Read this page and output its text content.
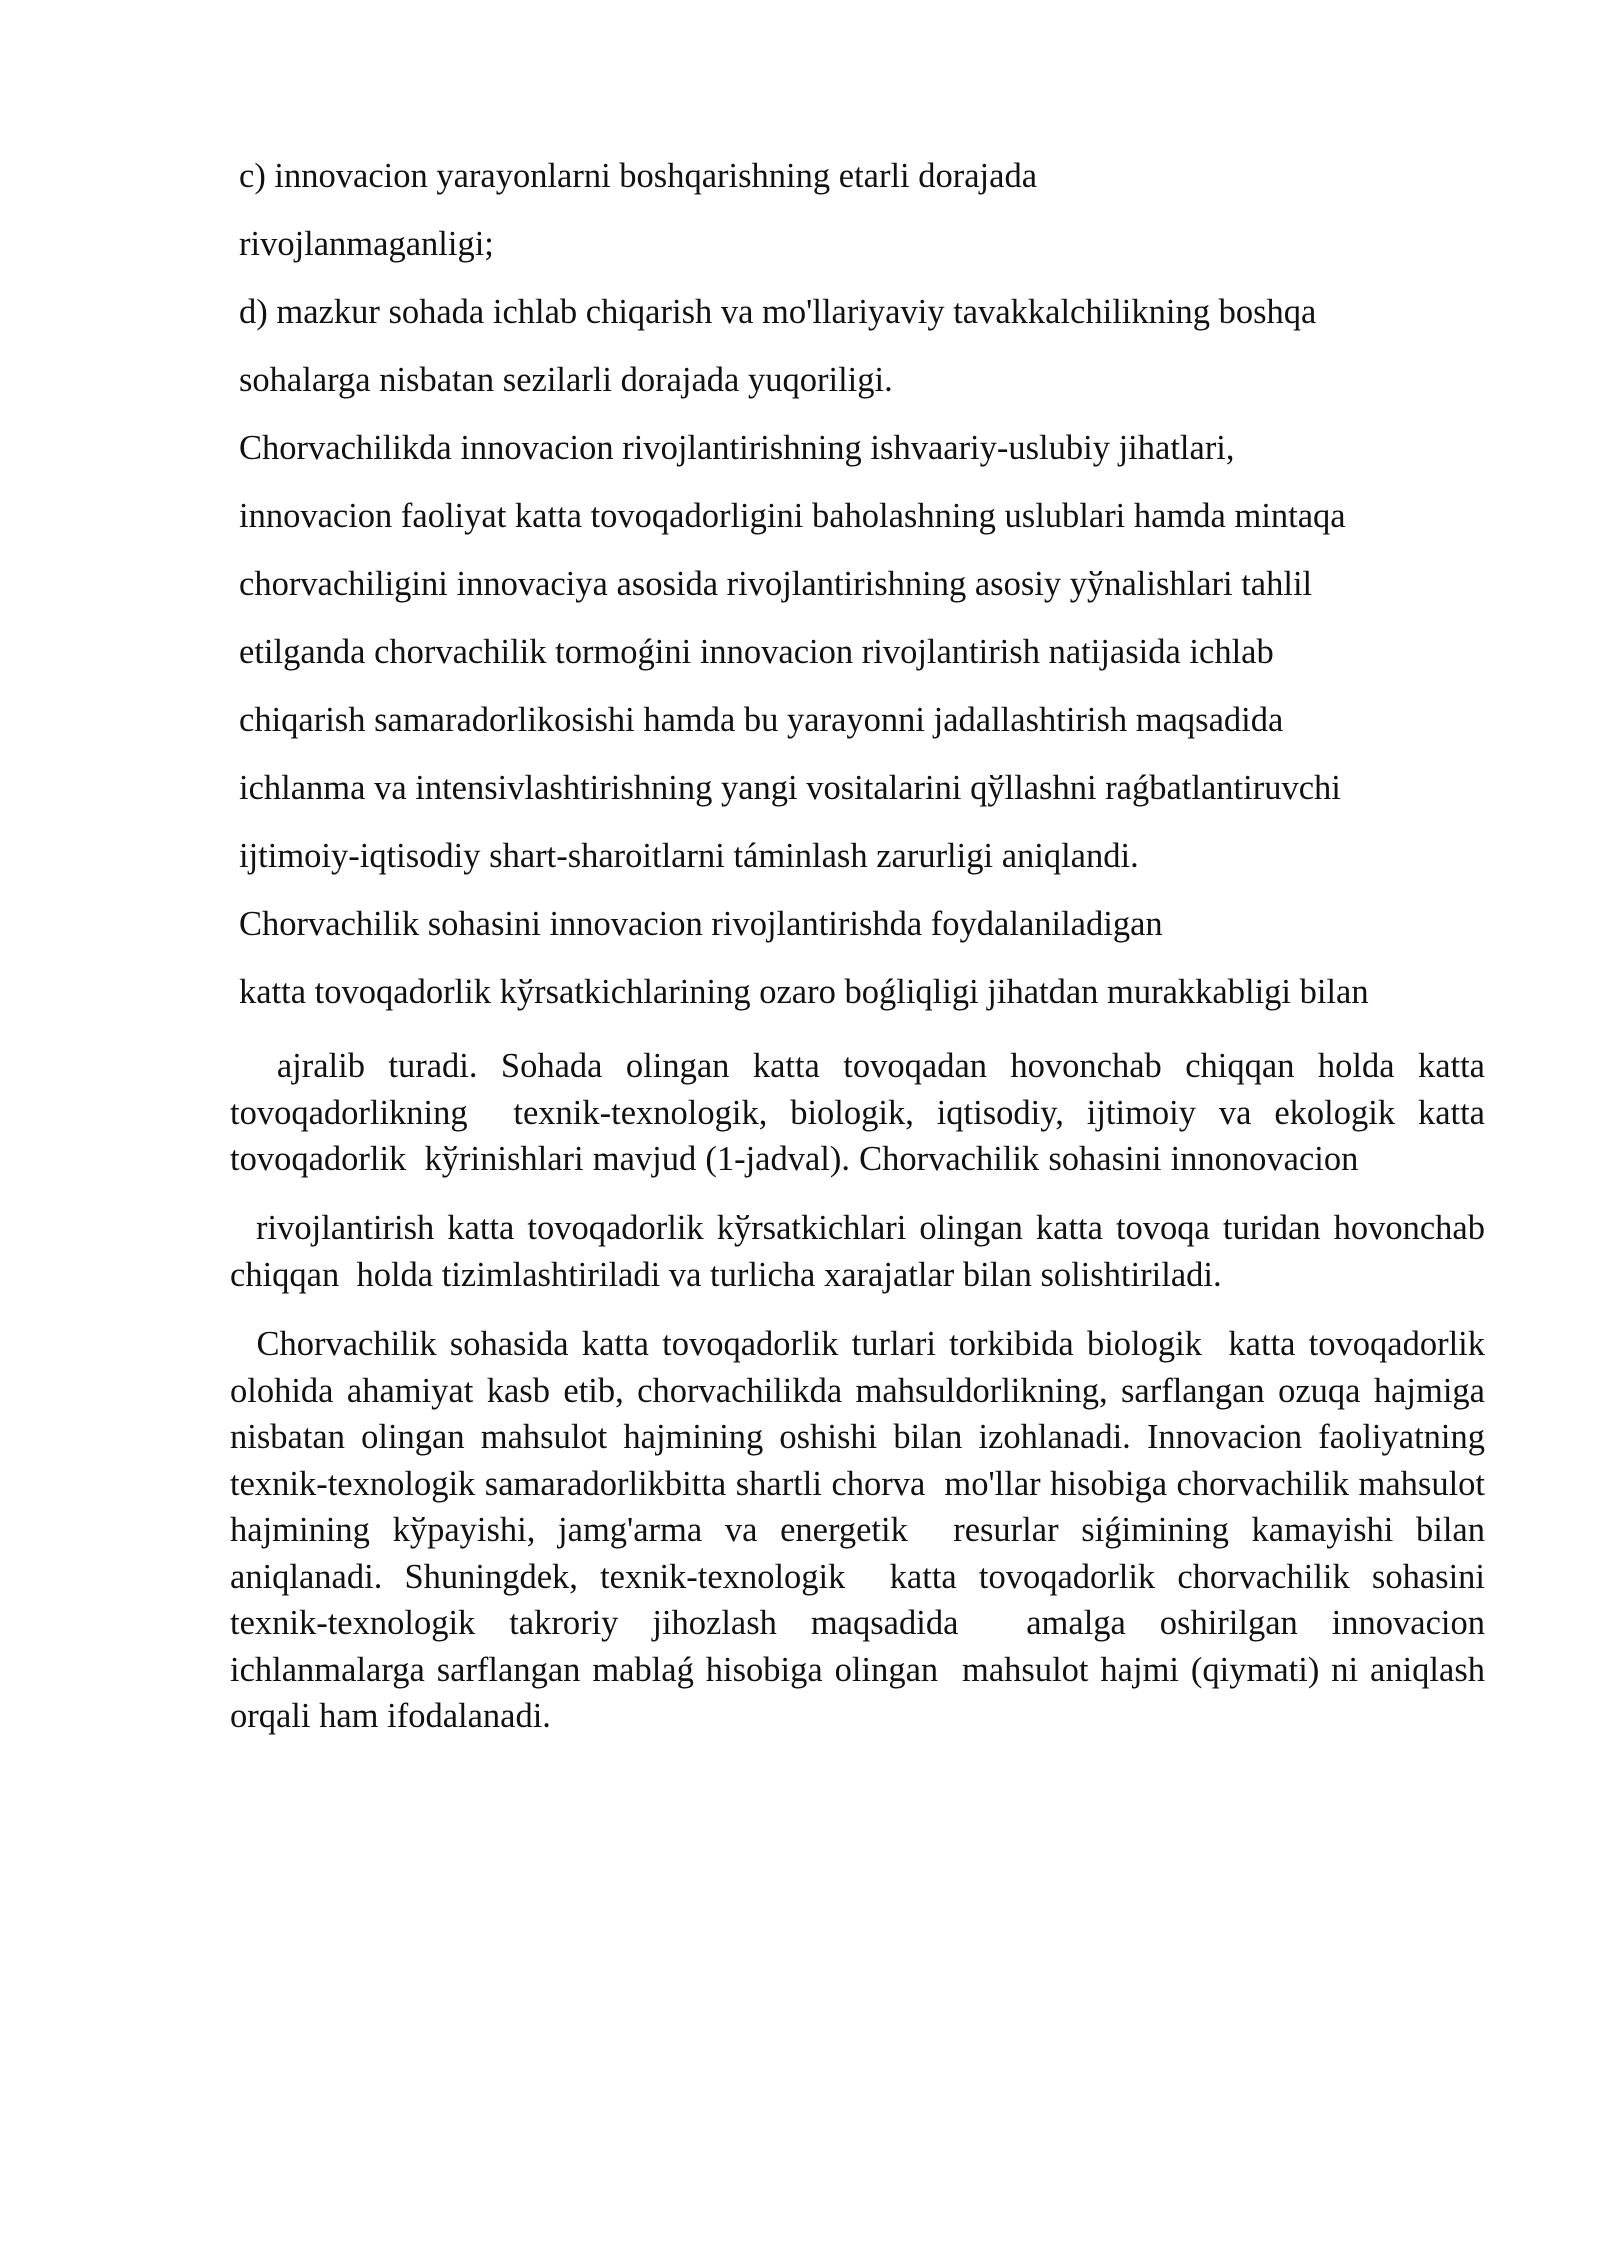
c) innovacion yarayonlarni boshqarishning etarli dorajada

rivojlanmaganligi;

d) mazkur sohada ichlab chiqarish va mo'llariyaviy tavakkalchilikning boshqa

sohalarga nisbatan sezilarli dorajada yuqoriligi.

Chorvachilikda innovacion rivojlantirishning ishvaariy-uslubiy jihatlari,

innovacion faoliyat katta tovoqadorligini baholashning uslublari hamda mintaqa

chorvachiligini innovaciya asosida rivojlantirishning asosiy yўnalishlari tahlil

etilganda chorvachilik tormoǵini innovacion rivojlantirish natijasida ichlab

chiqarish samaradorlikosishi hamda bu yarayonni jadallashtirish maqsadida

ichlanma va intensivlashtirishning yangi vositalarini qўllashni raǵbatlantiruvchi

ijtimoiy-iqtisodiy shart-sharoitlarni táminlash zarurligi aniqlandi.

Chorvachilik sohasini innovacion rivojlantirishda foydalaniladigan

katta tovoqadorlik kўrsatkichlarining ozaro boǵliqligi jihatdan murakkabligi bilan

ajralib turadi. Sohada olingan katta tovoqadan hovonchab chiqqan holda katta tovoqadorlikning  texnik-texnologik, biologik, iqtisodiy, ijtimoiy va ekologik katta tovoqadorlik  kўrinishlari mavjud (1-jadval). Chorvachilik sohasini innonovacion

rivojlantirish katta tovoqadorlik kўrsatkichlari olingan katta tovoqa turidan hovonchab chiqqan  holda tizimlashtiriladi va turlicha xarajatlar bilan solishtiriladi.

Chorvachilik sohasida katta tovoqadorlik turlari torkibida biologik  katta tovoqadorlik olohida ahamiyat kasb etib, chorvachilikda mahsuldorlikning, sarflangan ozuqa hajmiga nisbatan olingan mahsulot hajmining oshishi bilan izohlanadi. Innovacion faoliyatning texnik-texnologik samaradorlikbitta shartli chorva  mo'llar hisobiga chorvachilik mahsulot hajmining kўpayishi, jamg'arma va energetik  resurlar siǵimining kamayishi bilan aniqlanadi. Shuningdek, texnik-texnologik  katta tovoqadorlik chorvachilik sohasini texnik-texnologik takroriy jihozlash maqsadida  amalga oshirilgan innovacion ichlanmalarga sarflangan mablaǵ hisobiga olingan  mahsulot hajmi (qiymati) ni aniqlash orqali ham ifodalanadi.
